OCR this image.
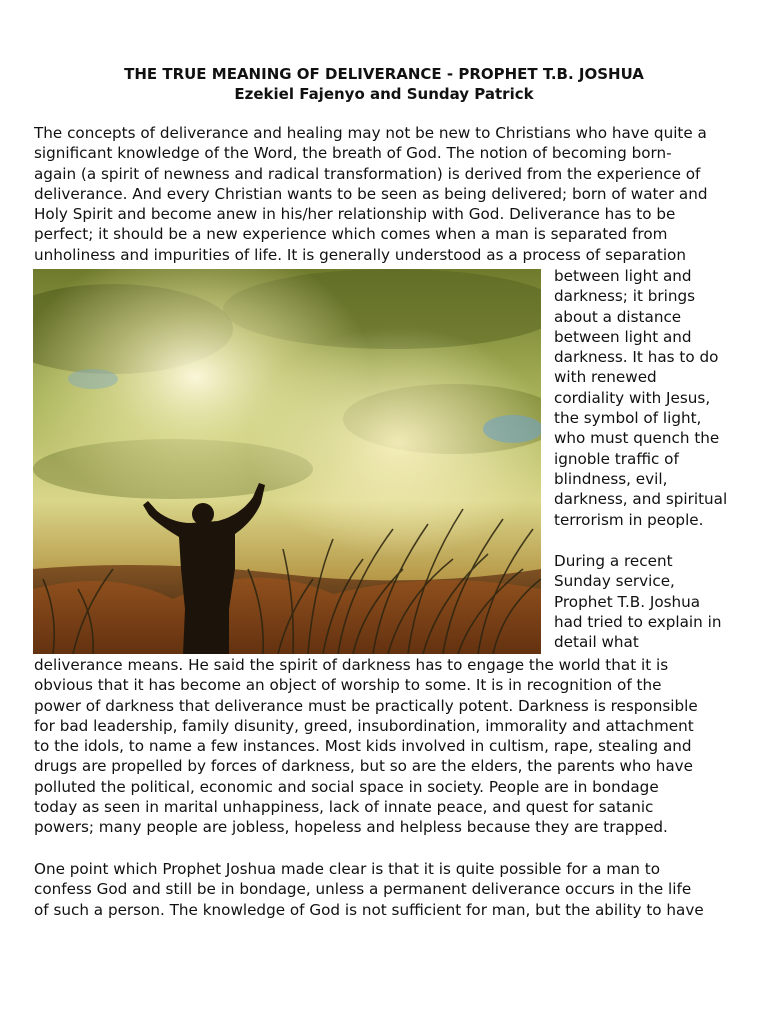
THE TRUE MEANING OF DELIVERANCE - PROPHET T.B. JOSHUA
Ezekiel Fajenyo and Sunday Patrick

The concepts of deliverance and healing may not be new to Christians who have quite a
significant knowledge of the Word, the breath of God. The notion of becoming born-
again (a spirit of newness and radical transformation) is derived from the experience of
deliverance. And every Christian wants to be seen as being delivered; born of water and
Holy Spirit and become anew in his/her relationship with God. Deliverance has to be
perfect; it should be a new experience which comes when a man is separated from
unholiness and impurities of life. It is generally understood as a process of separation

between light and
darkness; it brings
about a distance
between light and
darkness. It has to do
with renewed
cordiality with Jesus,
the symbol of light,
who must quench the
ignoble traffic of
blindness, evil,
darkness, and spiritual
terrorism in people.
During a recent
Sunday service,
Prophet T.B. Joshua
had tried to explain in
detail what

deliverance means. He said the spirit of darkness has to engage the world that it is
obvious that it has become an object of worship to some. It is in recognition of the
power of darkness that deliverance must be practically potent. Darkness is responsible
for bad leadership, family disunity, greed, insubordination, immorality and attachment
to the idols, to name a few instances. Most kids involved in cultism, rape, stealing and
drugs are propelled by forces of darkness, but so are the elders, the parents who have
polluted the political, economic and social space in society. People are in bondage
today as seen in marital unhappiness, lack of innate peace, and quest for satanic
powers; many people are jobless, hopeless and helpless because they are trapped.

One point which Prophet Joshua made clear is that it is quite possible for a man to
confess God and still be in bondage, unless a permanent deliverance occurs in the life
of such a person. The knowledge of God is not sufficient for man, but the ability to have
